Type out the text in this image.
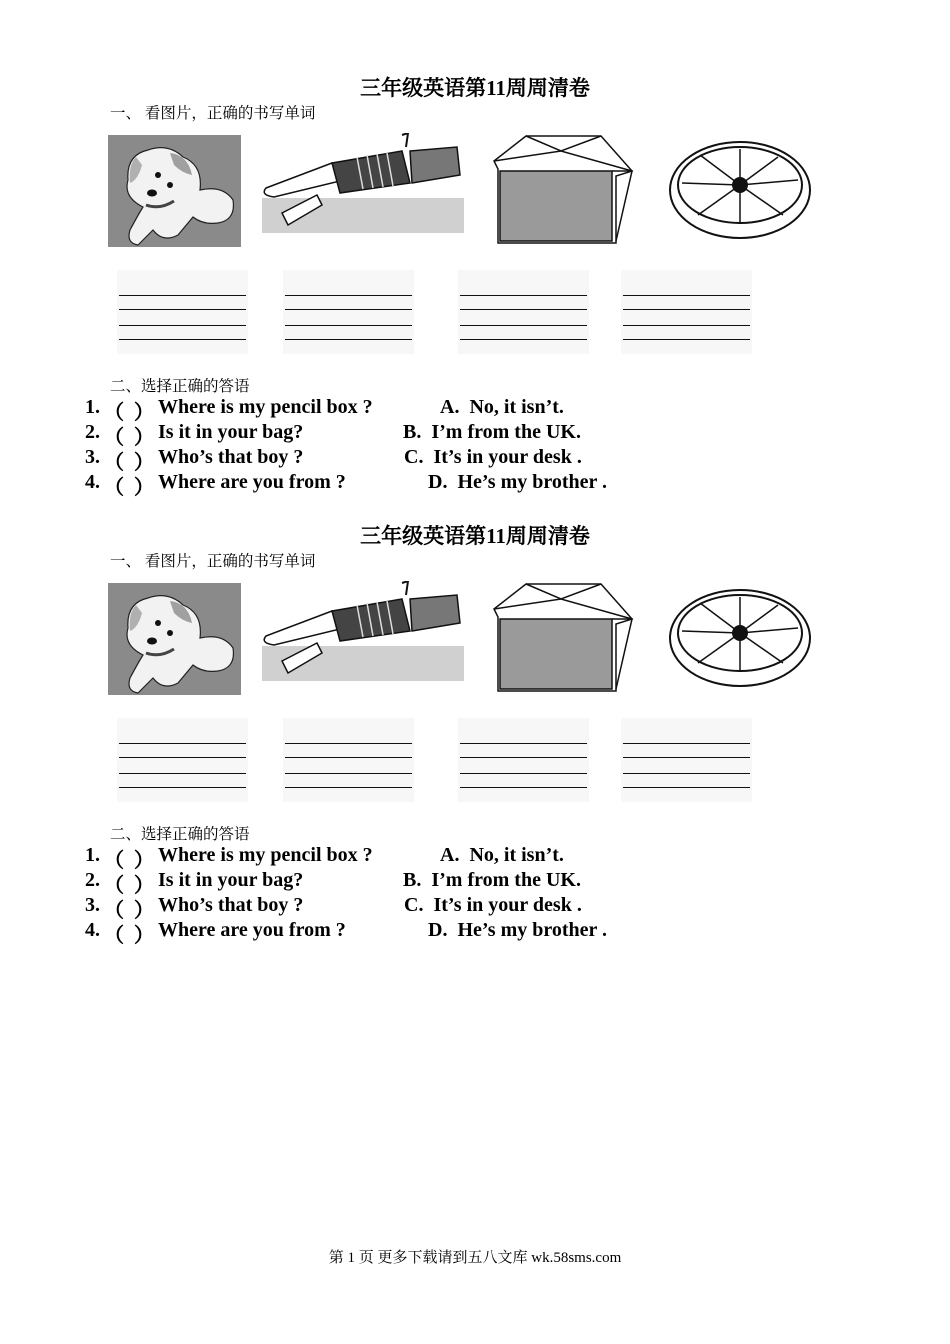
三年级英语第11周周清卷
一、 看图片，正确的书写单词
二、选择正确的答语
1. （  ） Where is my pencil box ?	A.  No, it isn’t.
2. （  ） Is it in your bag?	B.  I’m from the UK.
3. （  ） Who’s that boy ?	C.  It’s in your desk .
4. （  ） Where are you from ?	D.  He’s my brother .
三年级英语第11周周清卷
一、 看图片，正确的书写单词
二、选择正确的答语
1. （  ） Where is my pencil box ?	A.  No, it isn’t.
2. （  ） Is it in your bag?	B.  I’m from the UK.
3. （  ） Who’s that boy ?	C.  It’s in your desk .
4. （  ） Where are you from ?	D.  He’s my brother .
第 1 页 更多下载请到五八文库 wk.58sms.com
